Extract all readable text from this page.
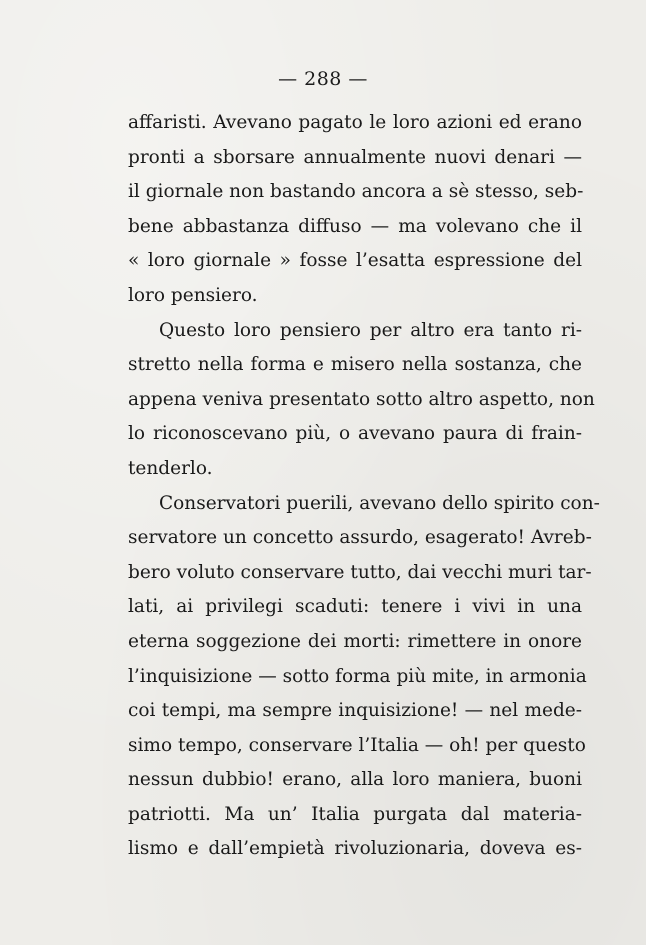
— 288 —
affaristi. Avevano pagato le loro azioni ed erano
pronti a sborsare annualmente nuovi denari —
il giornale non bastando ancora a sè stesso, seb-
bene abbastanza diffuso — ma volevano che il
« loro giornale » fosse l’esatta espressione del
loro pensiero.
Questo loro pensiero per altro era tanto ri-
stretto nella forma e misero nella sostanza, che
appena veniva presentato sotto altro aspetto, non
lo riconoscevano più, o avevano paura di frain-
tenderlo.
Conservatori puerili, avevano dello spirito con-
servatore un concetto assurdo, esagerato! Avreb-
bero voluto conservare tutto, dai vecchi muri tar-
lati, ai privilegi scaduti: tenere i vivi in una
eterna soggezione dei morti: rimettere in onore
l’inquisizione — sotto forma più mite, in armonia
coi tempi, ma sempre inquisizione! — nel mede-
simo tempo, conservare l’Italia — oh! per questo
nessun dubbio! erano, alla loro maniera, buoni
patriotti. Ma un’ Italia purgata dal materia-
lismo e dall’empietà rivoluzionaria, doveva es-
